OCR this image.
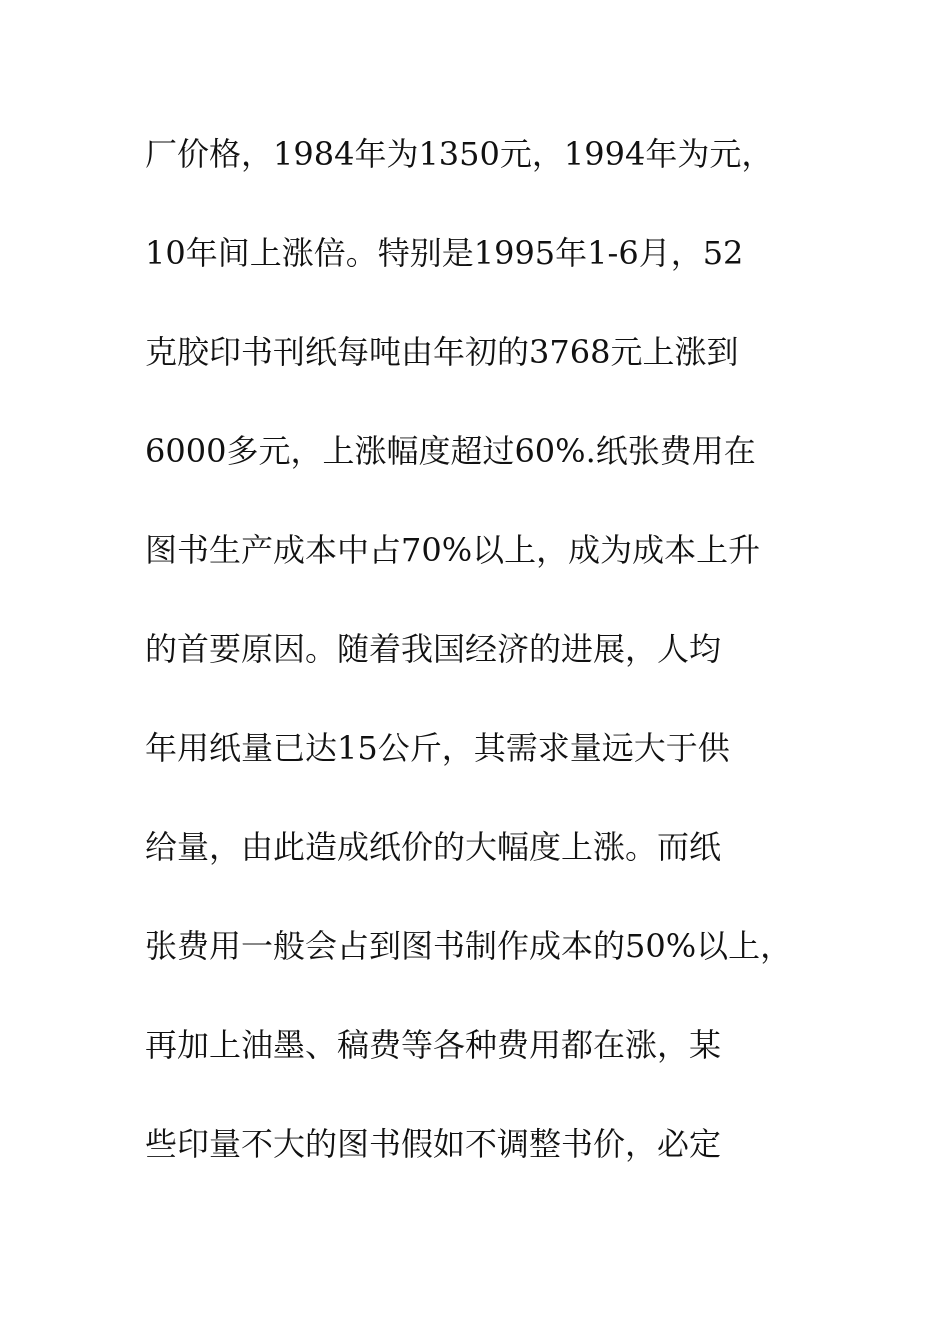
厂价格，1984年为1350元，1994年为元，
10年间上涨倍。特别是1995年1-6月，52
克胶印书刊纸每吨由年初的3768元上涨到
6000多元，上涨幅度超过60%.纸张费用在
图书生产成本中占70%以上，成为成本上升
的首要原因。随着我国经济的进展，人均
年用纸量已达15公斤，其需求量远大于供
给量，由此造成纸价的大幅度上涨。而纸
张费用一般会占到图书制作成本的50%以上，
再加上油墨、稿费等各种费用都在涨，某
些印量不大的图书假如不调整书价，必定
